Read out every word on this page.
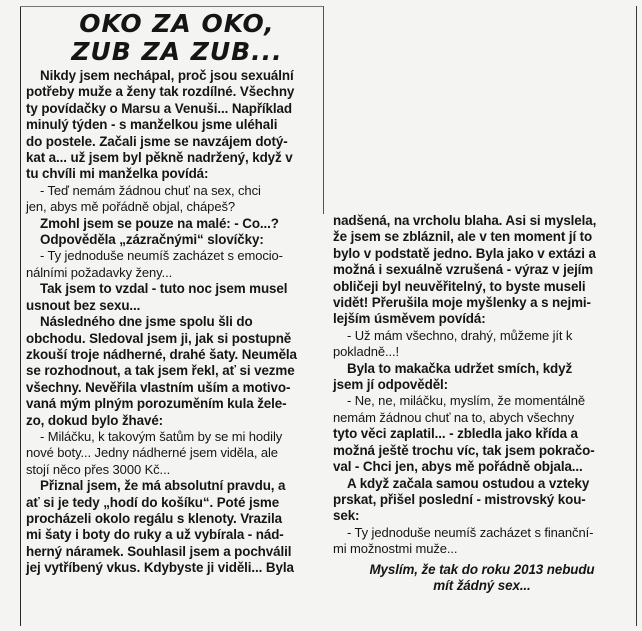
OKO ZA OKO,
ZUB ZA ZUB...
Nikdy jsem nechápal, proč jsou sexuální
potřeby muže a ženy tak rozdílné. Všechny
ty povídačky o Marsu a Venuši... Například
minulý týden - s manželkou jsme uléhali
do postele. Začali jsme se navzájem dotý-
kat a... už jsem byl pěkně nadržený, když v
tu chvíli mi manželka povídá:
- Teď nemám žádnou chuť na sex, chci
jen, abys mě pořádně objal, chápeš?
Zmohl jsem se pouze na malé: - Co...?
Odpověděla „zázračnými“ slovíčky:
- Ty jednoduše neumíš zacházet s emocio-
nálními požadavky ženy...
Tak jsem to vzdal - tuto noc jsem musel
usnout bez sexu...
Následného dne jsme spolu šli do
obchodu. Sledoval jsem ji, jak si postupně
zkouší troje nádherné, drahé šaty. Neuměla
se rozhodnout, a tak jsem řekl, ať si vezme
všechny. Nevěřila vlastním uším a motivo-
vaná mým plným porozuměním kula žele-
zo, dokud bylo žhavé:
- Miláčku, k takovým šatům by se mi hodily
nové boty... Jedny nádherné jsem viděla, ale
stojí něco přes 3000 Kč...
Přiznal jsem, že má absolutní pravdu, a
ať si je tedy „hodí do košíku“. Poté jsme
procházeli okolo regálu s klenoty. Vrazila
mi šaty i boty do ruky a už vybírala - nád-
herný náramek. Souhlasil jsem a pochválil
jej vytříbený vkus. Kdybyste ji viděli... Byla
nadšená, na vrcholu blaha. Asi si myslela,
že jsem se zbláznil, ale v ten moment jí to
bylo v podstatě jedno. Byla jako v extázi a
možná i sexuálně vzrušená - výraz v jejím
obličeji byl neuvěřitelný, to byste museli
vidět! Přerušila moje myšlenky a s nejmi-
lejším úsměvem povídá:
- Už mám všechno, drahý, můžeme jít k
pokladně...!
Byla to makačka udržet smích, když
jsem jí odpověděl:
- Ne, ne, miláčku, myslím, že momentálně
nemám žádnou chuť na to, abych všechny
tyto věci zaplatil... - zbledla jako křída a
možná ještě trochu víc, tak jsem pokračo-
val - Chci jen, abys mě pořádně objala...
A když začala samou ostudou a vzteky
prskat, přišel poslední - mistrovský kou-
sek:
- Ty jednoduše neumíš zacházet s finanční-
mi možnostmi muže...
Myslím, že tak do roku 2013 nebudu
mít žádný sex...
